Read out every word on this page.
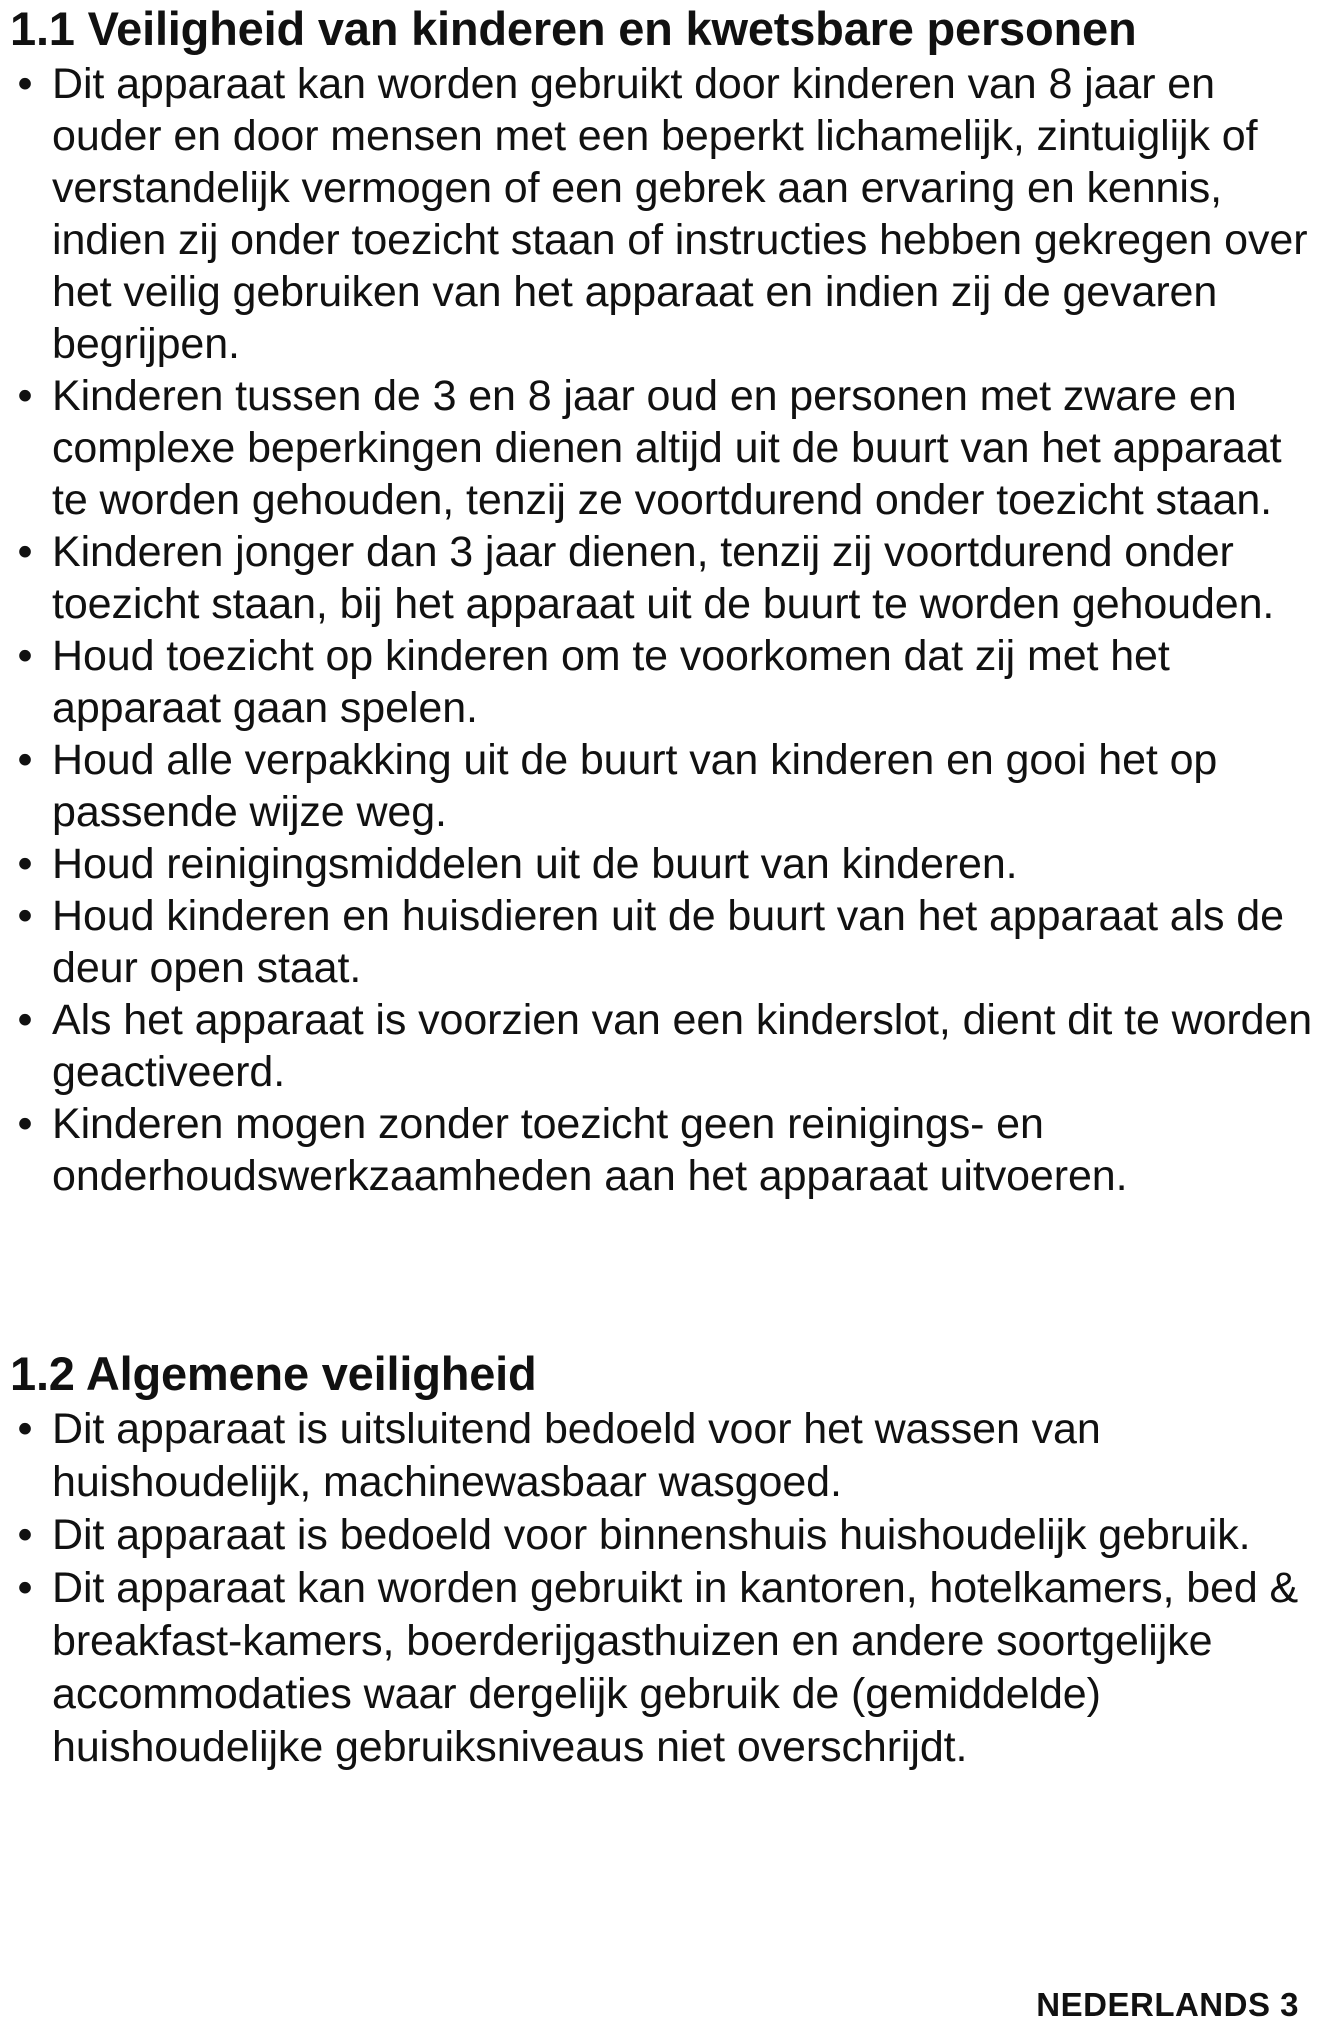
1.1 Veiligheid van kinderen en kwetsbare personen
• Dit apparaat kan worden gebruikt door kinderen van 8 jaar en ouder en door mensen met een beperkt lichamelijk, zintuiglijk of verstandelijk vermogen of een gebrek aan ervaring en kennis, indien zij onder toezicht staan of instructies hebben gekregen over het veilig gebruiken van het apparaat en indien zij de gevaren begrijpen.
• Kinderen tussen de 3 en 8 jaar oud en personen met zware en complexe beperkingen dienen altijd uit de buurt van het apparaat te worden gehouden, tenzij ze voortdurend onder toezicht staan.
• Kinderen jonger dan 3 jaar dienen, tenzij zij voortdurend onder toezicht staan, bij het apparaat uit de buurt te worden gehouden.
• Houd toezicht op kinderen om te voorkomen dat zij met het apparaat gaan spelen.
• Houd alle verpakking uit de buurt van kinderen en gooi het op passende wijze weg.
• Houd reinigingsmiddelen uit de buurt van kinderen.
• Houd kinderen en huisdieren uit de buurt van het apparaat als de deur open staat.
• Als het apparaat is voorzien van een kinderslot, dient dit te worden geactiveerd.
• Kinderen mogen zonder toezicht geen reinigings- en onderhoudswerkzaamheden aan het apparaat uitvoeren.
1.2 Algemene veiligheid
• Dit apparaat is uitsluitend bedoeld voor het wassen van huishoudelijk, machinewasbaar wasgoed.
• Dit apparaat is bedoeld voor binnenshuis huishoudelijk gebruik.
• Dit apparaat kan worden gebruikt in kantoren, hotelkamers, bed & breakfast-kamers, boerderijgasthuizen en andere soortgelijke accommodaties waar dergelijk gebruik de (gemiddelde) huishoudelijke gebruiksniveaus niet overschrijdt.
NEDERLANDS 3
